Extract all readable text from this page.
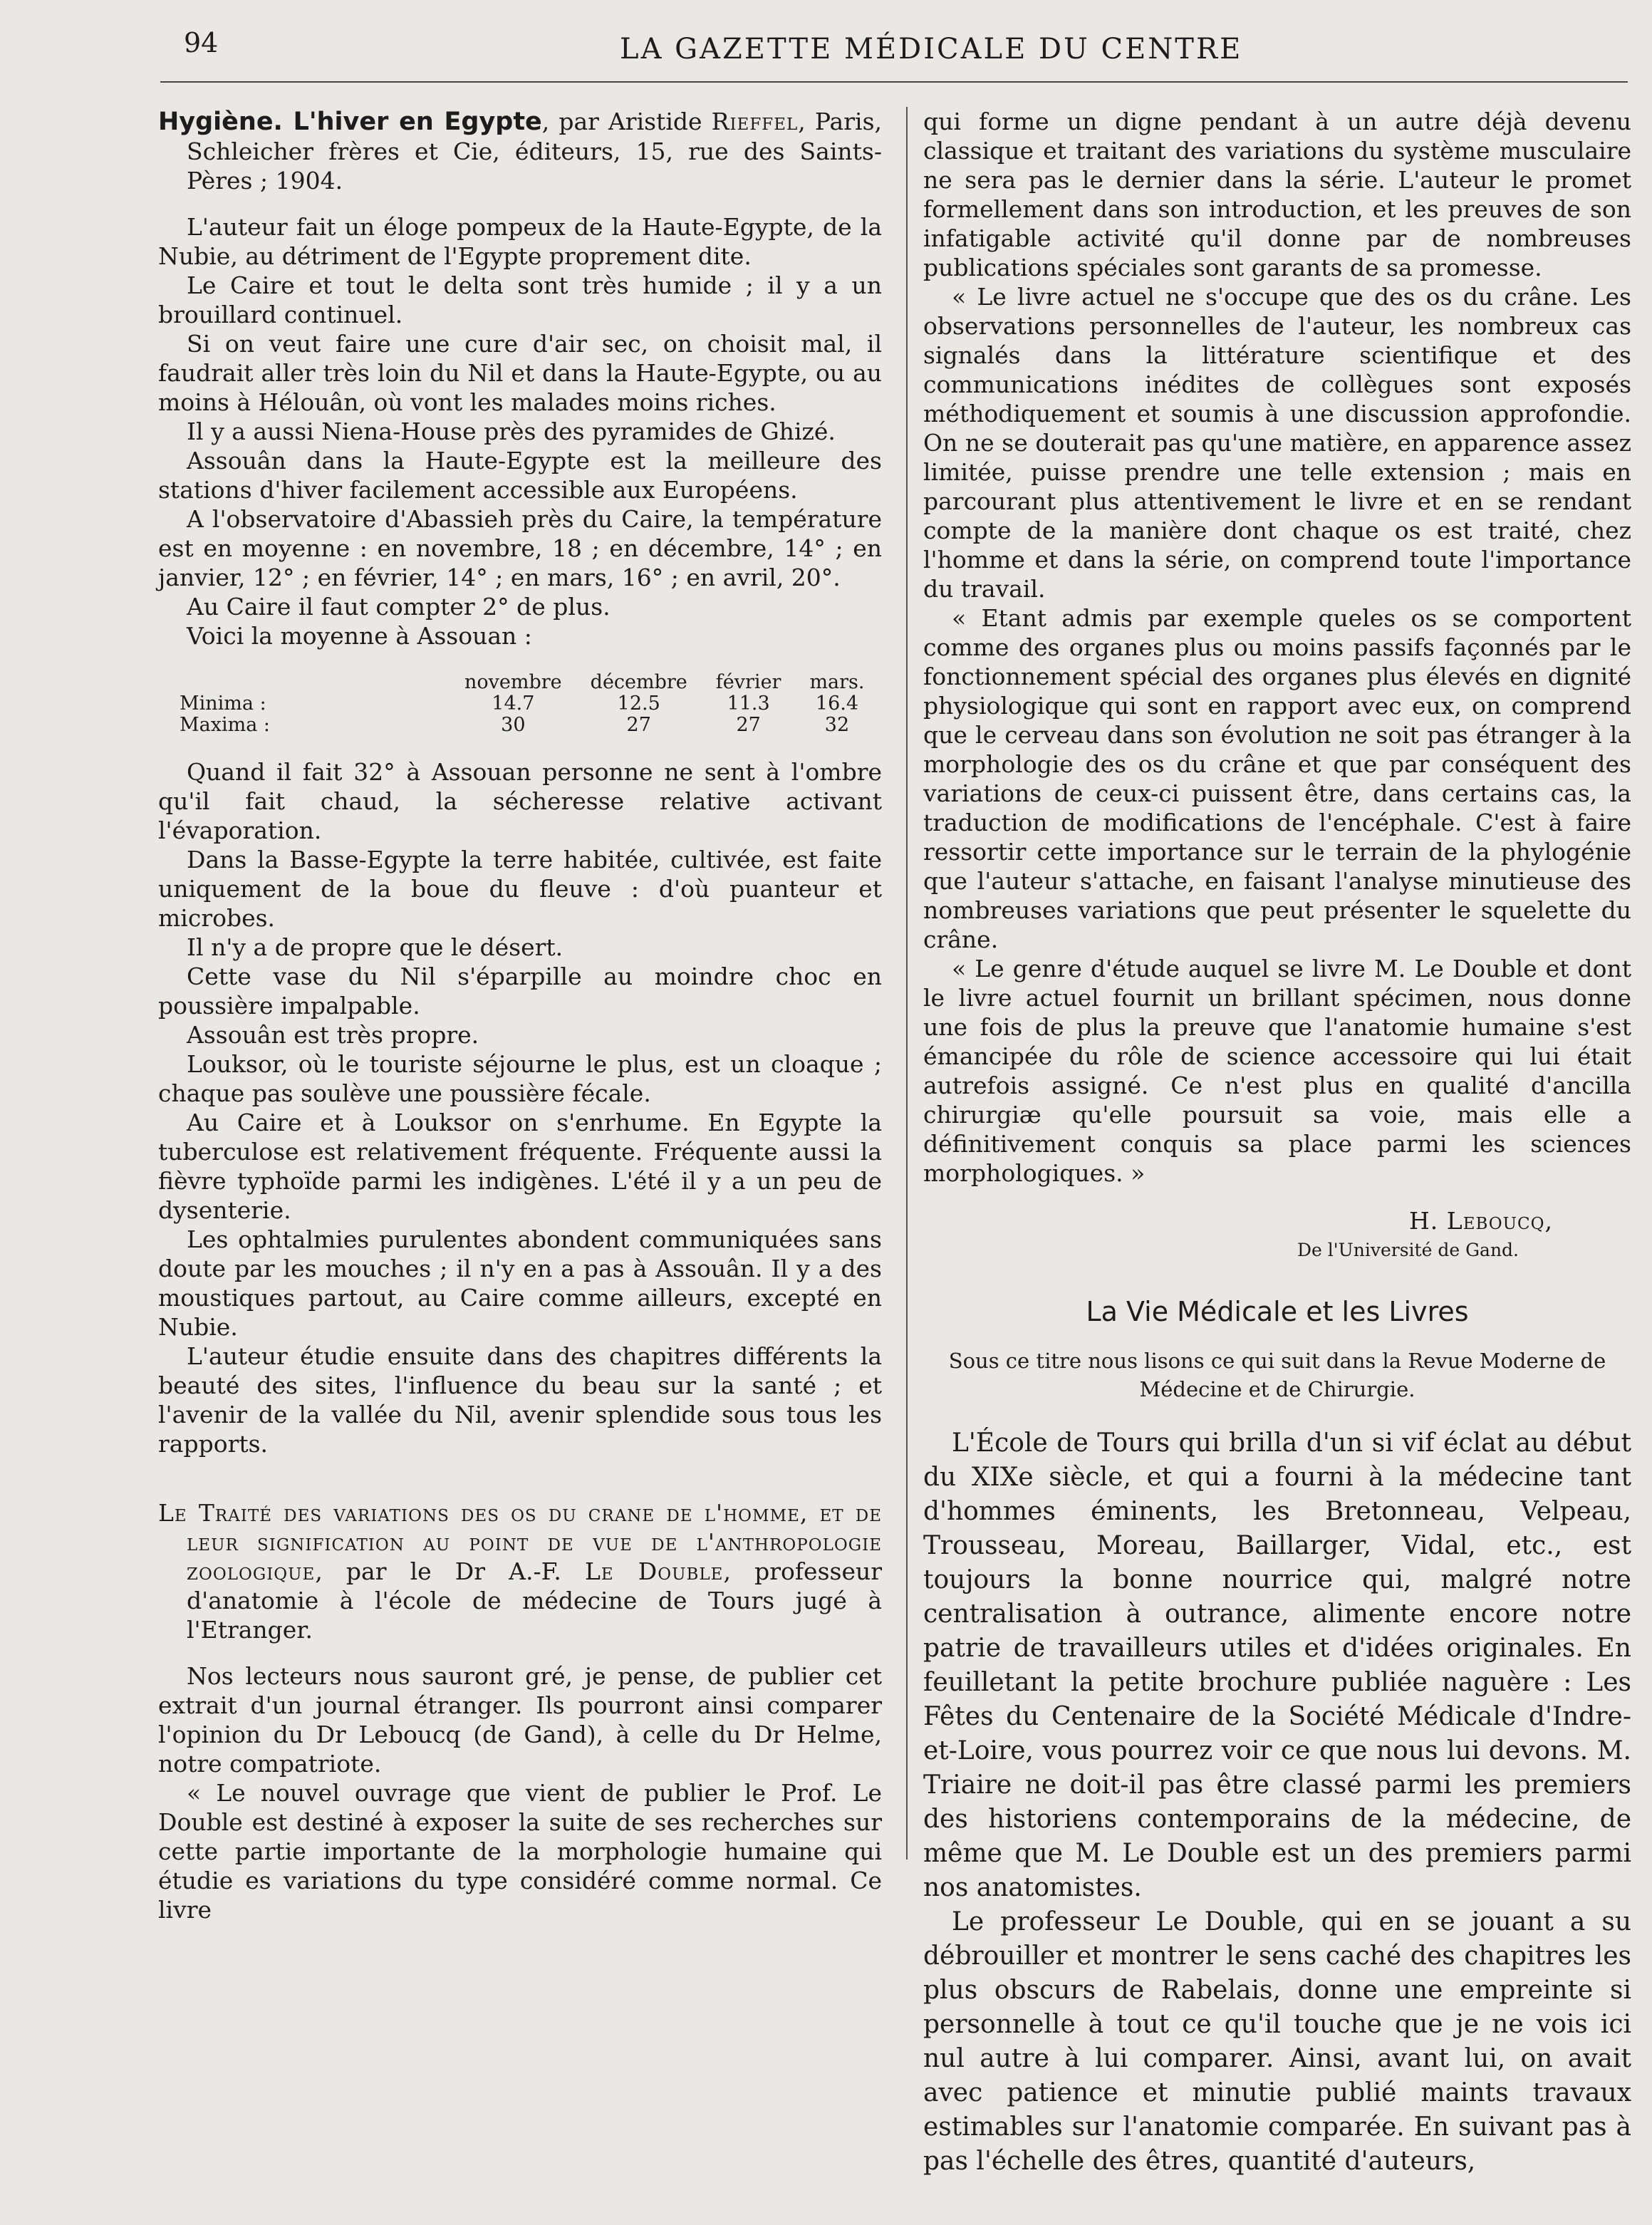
94	LA GAZETTE MÉDICALE DU CENTRE

Hygiène. L'hiver en Egypte, par Aristide Rieffel, Paris, Schleicher frères et Cie, éditeurs, 15, rue des Saints-Pères ; 1904.

L'auteur fait un éloge pompeux de la Haute-Egypte, de la Nubie, au détriment de l'Egypte proprement dite.

Le Caire et tout le delta sont très humide ; il y a un brouillard continuel.

Si on veut faire une cure d'air sec, on choisit mal, il faudrait aller très loin du Nil et dans la Haute-Egypte, ou au moins à Hélouân, où vont les malades moins riches.

Il y a aussi Niena-House près des pyramides de Ghizé.

Assouân dans la Haute-Egypte est la meilleure des stations d'hiver facilement accessible aux Européens.

A l'observatoire d'Abassieh près du Caire, la température est en moyenne : en novembre, 18 ; en décembre, 14° ; en janvier, 12° ; en février, 14° ; en mars, 16° ; en avril, 20°.

Au Caire il faut compter 2° de plus.

Voici la moyenne à Assouan :

	novembre	décembre	février	mars.
Minima :	14.7	12.5	11.3	16.4
Maxima :	30	27	27	32

Quand il fait 32° à Assouan personne ne sent à l'ombre qu'il fait chaud, la sécheresse relative activant l'évaporation.

Dans la Basse-Egypte la terre habitée, cultivée, est faite uniquement de la boue du fleuve : d'où puanteur et microbes.

Il n'y a de propre que le désert.

Cette vase du Nil s'éparpille au moindre choc en poussière impalpable.

Assouân est très propre.

Louksor, où le touriste séjourne le plus, est un cloaque ; chaque pas soulève une poussière fécale.

Au Caire et à Louksor on s'enrhume. En Egypte la tuberculose est relativement fréquente. Fréquente aussi la fièvre typhoïde parmi les indigènes. L'été il y a un peu de dysenterie.

Les ophtalmies purulentes abondent communiquées sans doute par les mouches ; il n'y en a pas à Assouân. Il y a des moustiques partout, au Caire comme ailleurs, excepté en Nubie.

L'auteur étudie ensuite dans des chapitres différents la beauté des sites, l'influence du beau sur la santé ; et l'avenir de la vallée du Nil, avenir splendide sous tous les rapports.

Le Traité des variations des os du crane de l'homme, et de leur signification au point de vue de l'anthropologie zoologique, par le Dr A.-F. Le Double, professeur d'anatomie à l'école de médecine de Tours jugé à l'Etranger.

Nos lecteurs nous sauront gré, je pense, de publier cet extrait d'un journal étranger. Ils pourront ainsi comparer l'opinion du Dr Leboucq (de Gand), à celle du Dr Helme, notre compatriote.

« Le nouvel ouvrage que vient de publier le Prof. Le Double est destiné à exposer la suite de ses recherches sur cette partie importante de la morphologie humaine qui étudie es variations du type considéré comme normal. Ce livre

qui forme un digne pendant à un autre déjà devenu classique et traitant des variations du système musculaire ne sera pas le dernier dans la série. L'auteur le promet formellement dans son introduction, et les preuves de son infatigable activité qu'il donne par de nombreuses publications spéciales sont garants de sa promesse.

« Le livre actuel ne s'occupe que des os du crâne. Les observations personnelles de l'auteur, les nombreux cas signalés dans la littérature scientifique et des communications inédites de collègues sont exposés méthodiquement et soumis à une discussion approfondie. On ne se douterait pas qu'une matière, en apparence assez limitée, puisse prendre une telle extension ; mais en parcourant plus attentivement le livre et en se rendant compte de la manière dont chaque os est traité, chez l'homme et dans la série, on comprend toute l'importance du travail.

« Etant admis par exemple queles os se comportent comme des organes plus ou moins passifs façonnés par le fonctionnement spécial des organes plus élevés en dignité physiologique qui sont en rapport avec eux, on comprend que le cerveau dans son évolution ne soit pas étranger à la morphologie des os du crâne et que par conséquent des variations de ceux-ci puissent être, dans certains cas, la traduction de modifications de l'encéphale. C'est à faire ressortir cette importance sur le terrain de la phylogénie que l'auteur s'attache, en faisant l'analyse minutieuse des nombreuses variations que peut présenter le squelette du crâne.

« Le genre d'étude auquel se livre M. Le Double et dont le livre actuel fournit un brillant spécimen, nous donne une fois de plus la preuve que l'anatomie humaine s'est émancipée du rôle de science accessoire qui lui était autrefois assigné. Ce n'est plus en qualité d'ancilla chirurgiæ qu'elle poursuit sa voie, mais elle a définitivement conquis sa place parmi les sciences morphologiques. »

H. Leboucq,
De l'Université de Gand.
La Vie Médicale et les Livres

Sous ce titre nous lisons ce qui suit dans la Revue Moderne de Médecine et de Chirurgie.

L'École de Tours qui brilla d'un si vif éclat au début du XIXe siècle, et qui a fourni à la médecine tant d'hommes éminents, les Bretonneau, Velpeau, Trousseau, Moreau, Baillarger, Vidal, etc., est toujours la bonne nourrice qui, malgré notre centralisation à outrance, alimente encore notre patrie de travailleurs utiles et d'idées originales. En feuilletant la petite brochure publiée naguère : Les Fêtes du Centenaire de la Société Médicale d'Indre-et-Loire, vous pourrez voir ce que nous lui devons. M. Triaire ne doit-il pas être classé parmi les premiers des historiens contemporains de la médecine, de même que M. Le Double est un des premiers parmi nos anatomistes.

Le professeur Le Double, qui en se jouant a su débrouiller et montrer le sens caché des chapitres les plus obscurs de Rabelais, donne une empreinte si personnelle à tout ce qu'il touche que je ne vois ici nul autre à lui comparer. Ainsi, avant lui, on avait avec patience et minutie publié maints travaux estimables sur l'anatomie comparée. En suivant pas à pas l'échelle des êtres, quantité d'auteurs,
